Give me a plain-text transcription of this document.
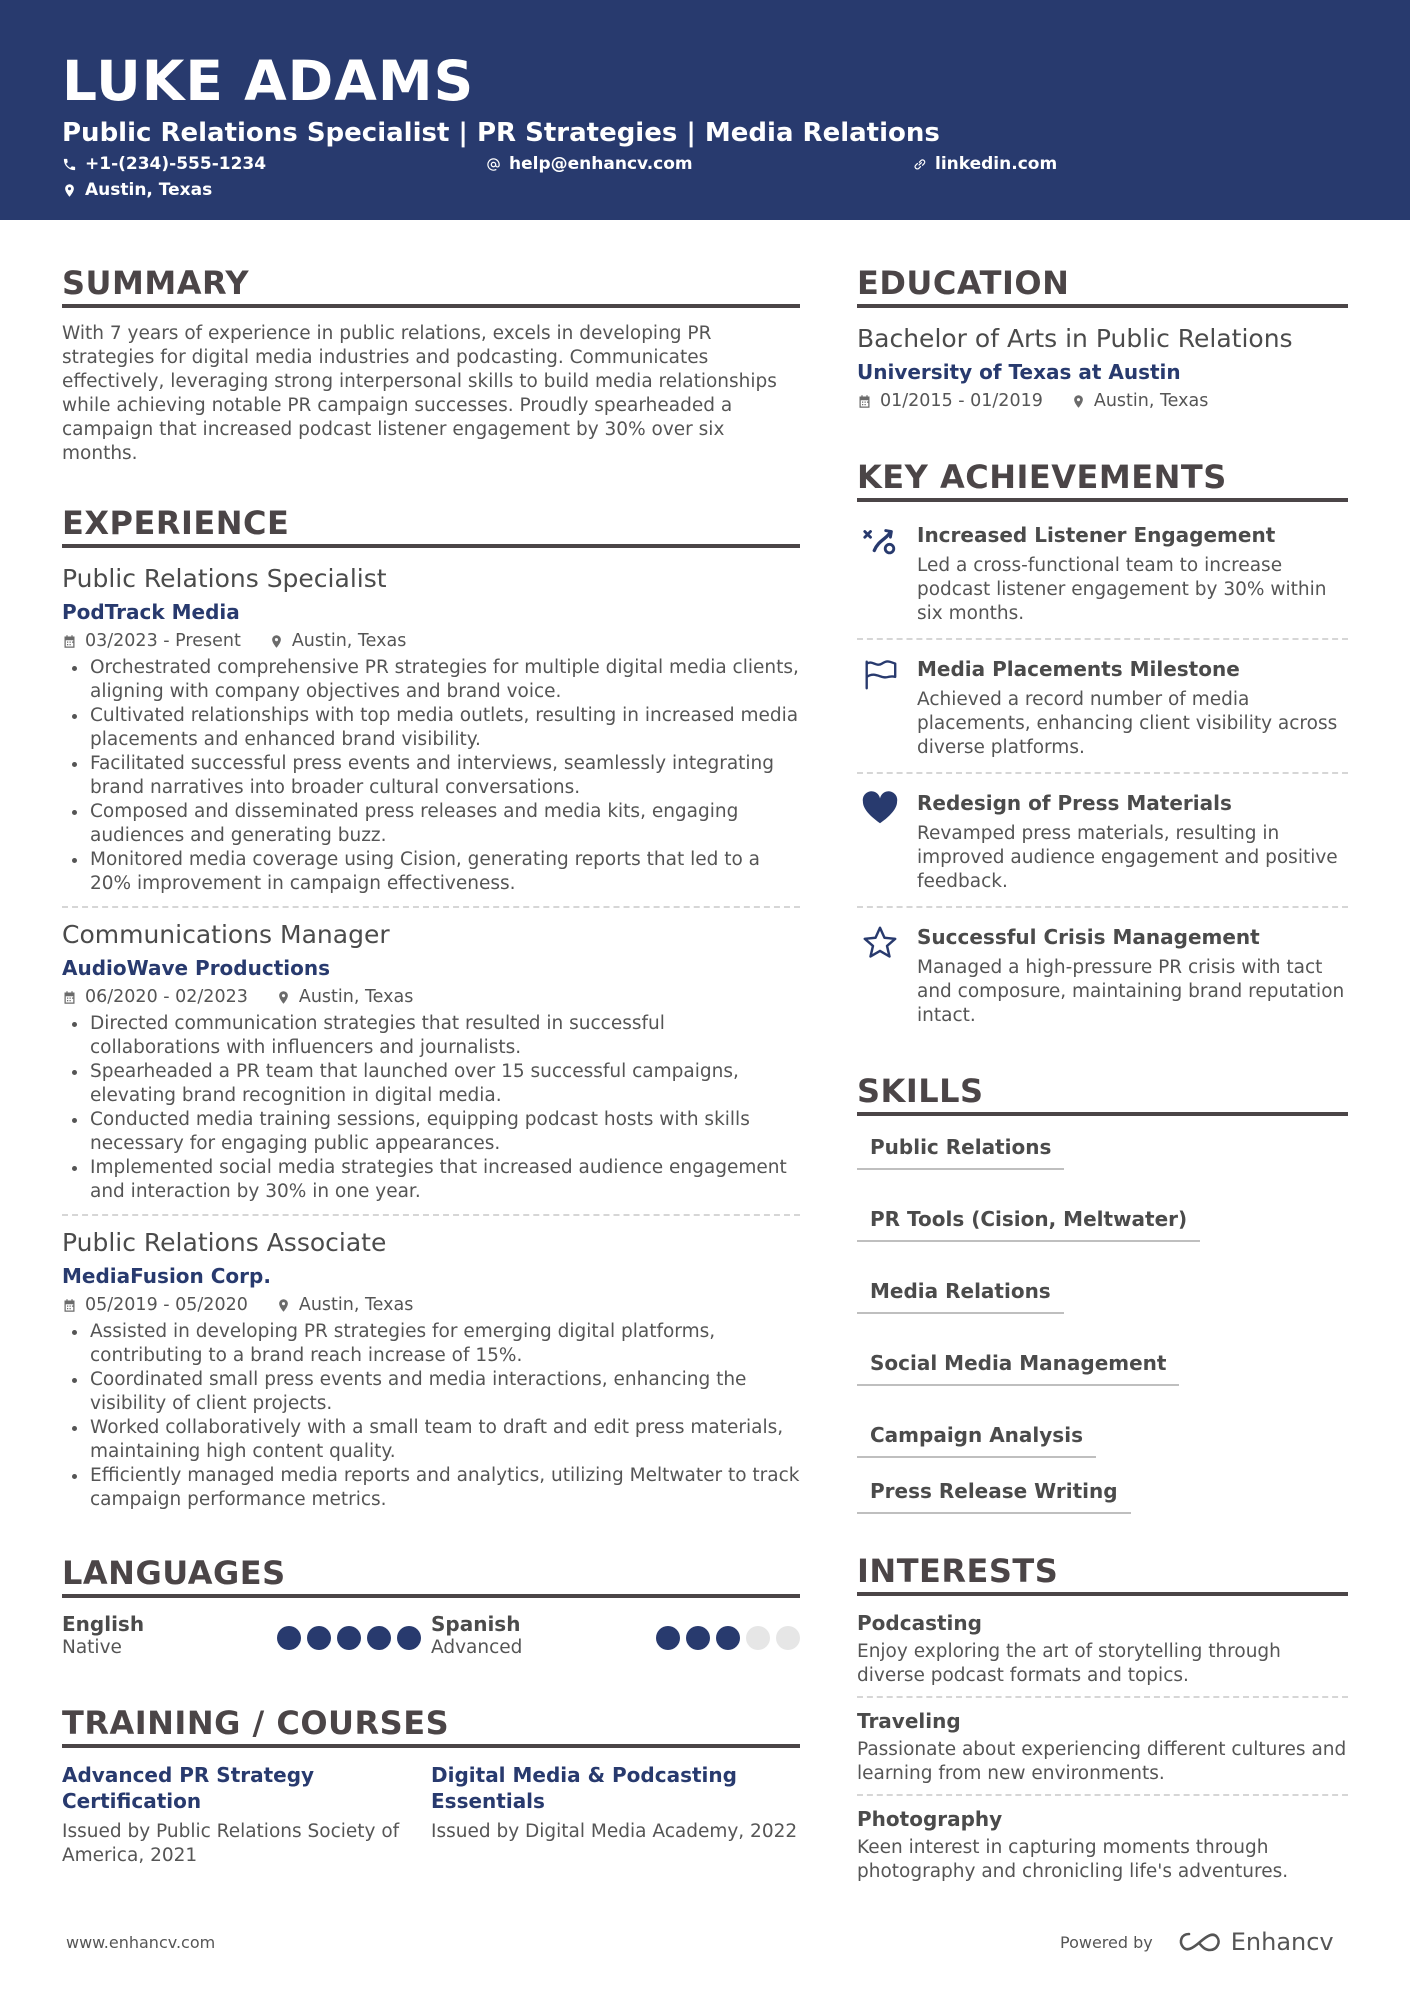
LUKE ADAMS
Public Relations Specialist | PR Strategies | Media Relations
+1-(234)-555-1234	help@enhancv.com	linkedin.com
Austin, Texas
SUMMARY
With 7 years of experience in public relations, excels in developing PR strategies for digital media industries and podcasting. Communicates effectively, leveraging strong interpersonal skills to build media relationships while achieving notable PR campaign successes. Proudly spearheaded a campaign that increased podcast listener engagement by 30% over six months.
EXPERIENCE
Public Relations Specialist
PodTrack Media
03/2023 - Present	Austin, Texas
Orchestrated comprehensive PR strategies for multiple digital media clients, aligning with company objectives and brand voice.
Cultivated relationships with top media outlets, resulting in increased media placements and enhanced brand visibility.
Facilitated successful press events and interviews, seamlessly integrating brand narratives into broader cultural conversations.
Composed and disseminated press releases and media kits, engaging audiences and generating buzz.
Monitored media coverage using Cision, generating reports that led to a 20% improvement in campaign effectiveness.
Communications Manager
AudioWave Productions
06/2020 - 02/2023	Austin, Texas
Directed communication strategies that resulted in successful collaborations with influencers and journalists.
Spearheaded a PR team that launched over 15 successful campaigns, elevating brand recognition in digital media.
Conducted media training sessions, equipping podcast hosts with skills necessary for engaging public appearances.
Implemented social media strategies that increased audience engagement and interaction by 30% in one year.
Public Relations Associate
MediaFusion Corp.
05/2019 - 05/2020	Austin, Texas
Assisted in developing PR strategies for emerging digital platforms, contributing to a brand reach increase of 15%.
Coordinated small press events and media interactions, enhancing the visibility of client projects.
Worked collaboratively with a small team to draft and edit press materials, maintaining high content quality.
Efficiently managed media reports and analytics, utilizing Meltwater to track campaign performance metrics.
LANGUAGES
English
Native
Spanish
Advanced
TRAINING / COURSES
Advanced PR Strategy Certification
Issued by Public Relations Society of America, 2021
Digital Media & Podcasting Essentials
Issued by Digital Media Academy, 2022
EDUCATION
Bachelor of Arts in Public Relations
University of Texas at Austin
01/2015 - 01/2019	Austin, Texas
KEY ACHIEVEMENTS
Increased Listener Engagement
Led a cross-functional team to increase podcast listener engagement by 30% within six months.
Media Placements Milestone
Achieved a record number of media placements, enhancing client visibility across diverse platforms.
Redesign of Press Materials
Revamped press materials, resulting in improved audience engagement and positive feedback.
Successful Crisis Management
Managed a high-pressure PR crisis with tact and composure, maintaining brand reputation intact.
SKILLS
Public Relations
PR Tools (Cision, Meltwater)
Media Relations
Social Media Management
Campaign Analysis
Press Release Writing
INTERESTS
Podcasting
Enjoy exploring the art of storytelling through diverse podcast formats and topics.
Traveling
Passionate about experiencing different cultures and learning from new environments.
Photography
Keen interest in capturing moments through photography and chronicling life's adventures.
www.enhancv.com	Powered by	Enhancv
